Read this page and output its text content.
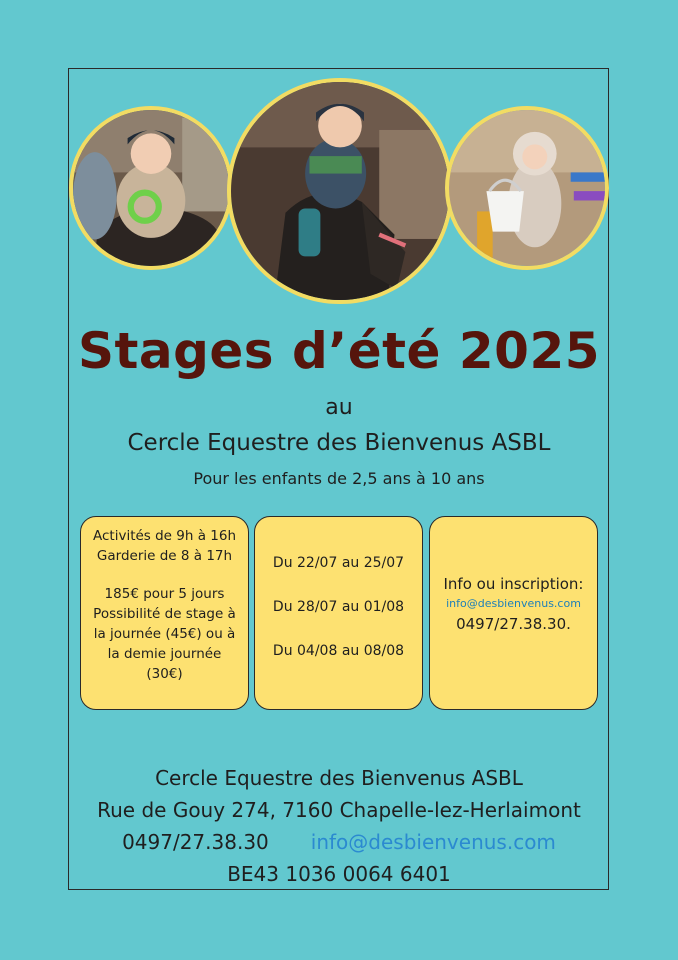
Stages d’été 2025
au
Cercle Equestre des Bienvenus ASBL
Pour les enfants de 2,5 ans à 10 ans
Activités de 9h à 16h
Garderie de 8 à 17h
185€ pour 5 jours
Possibilité de stage à
la journée (45€) ou à
la demie journée
(30€)
Du 22/07 au 25/07
Du 28/07 au 01/08
Du 04/08 au 08/08
Info ou inscription:
info@desbienvenus.com
0497/27.38.30.
Cercle Equestre des Bienvenus ASBL
Rue de Gouy 274, 7160 Chapelle-lez-Herlaimont
0497/27.38.30 info@desbienvenus.com
BE43 1036 0064 6401
